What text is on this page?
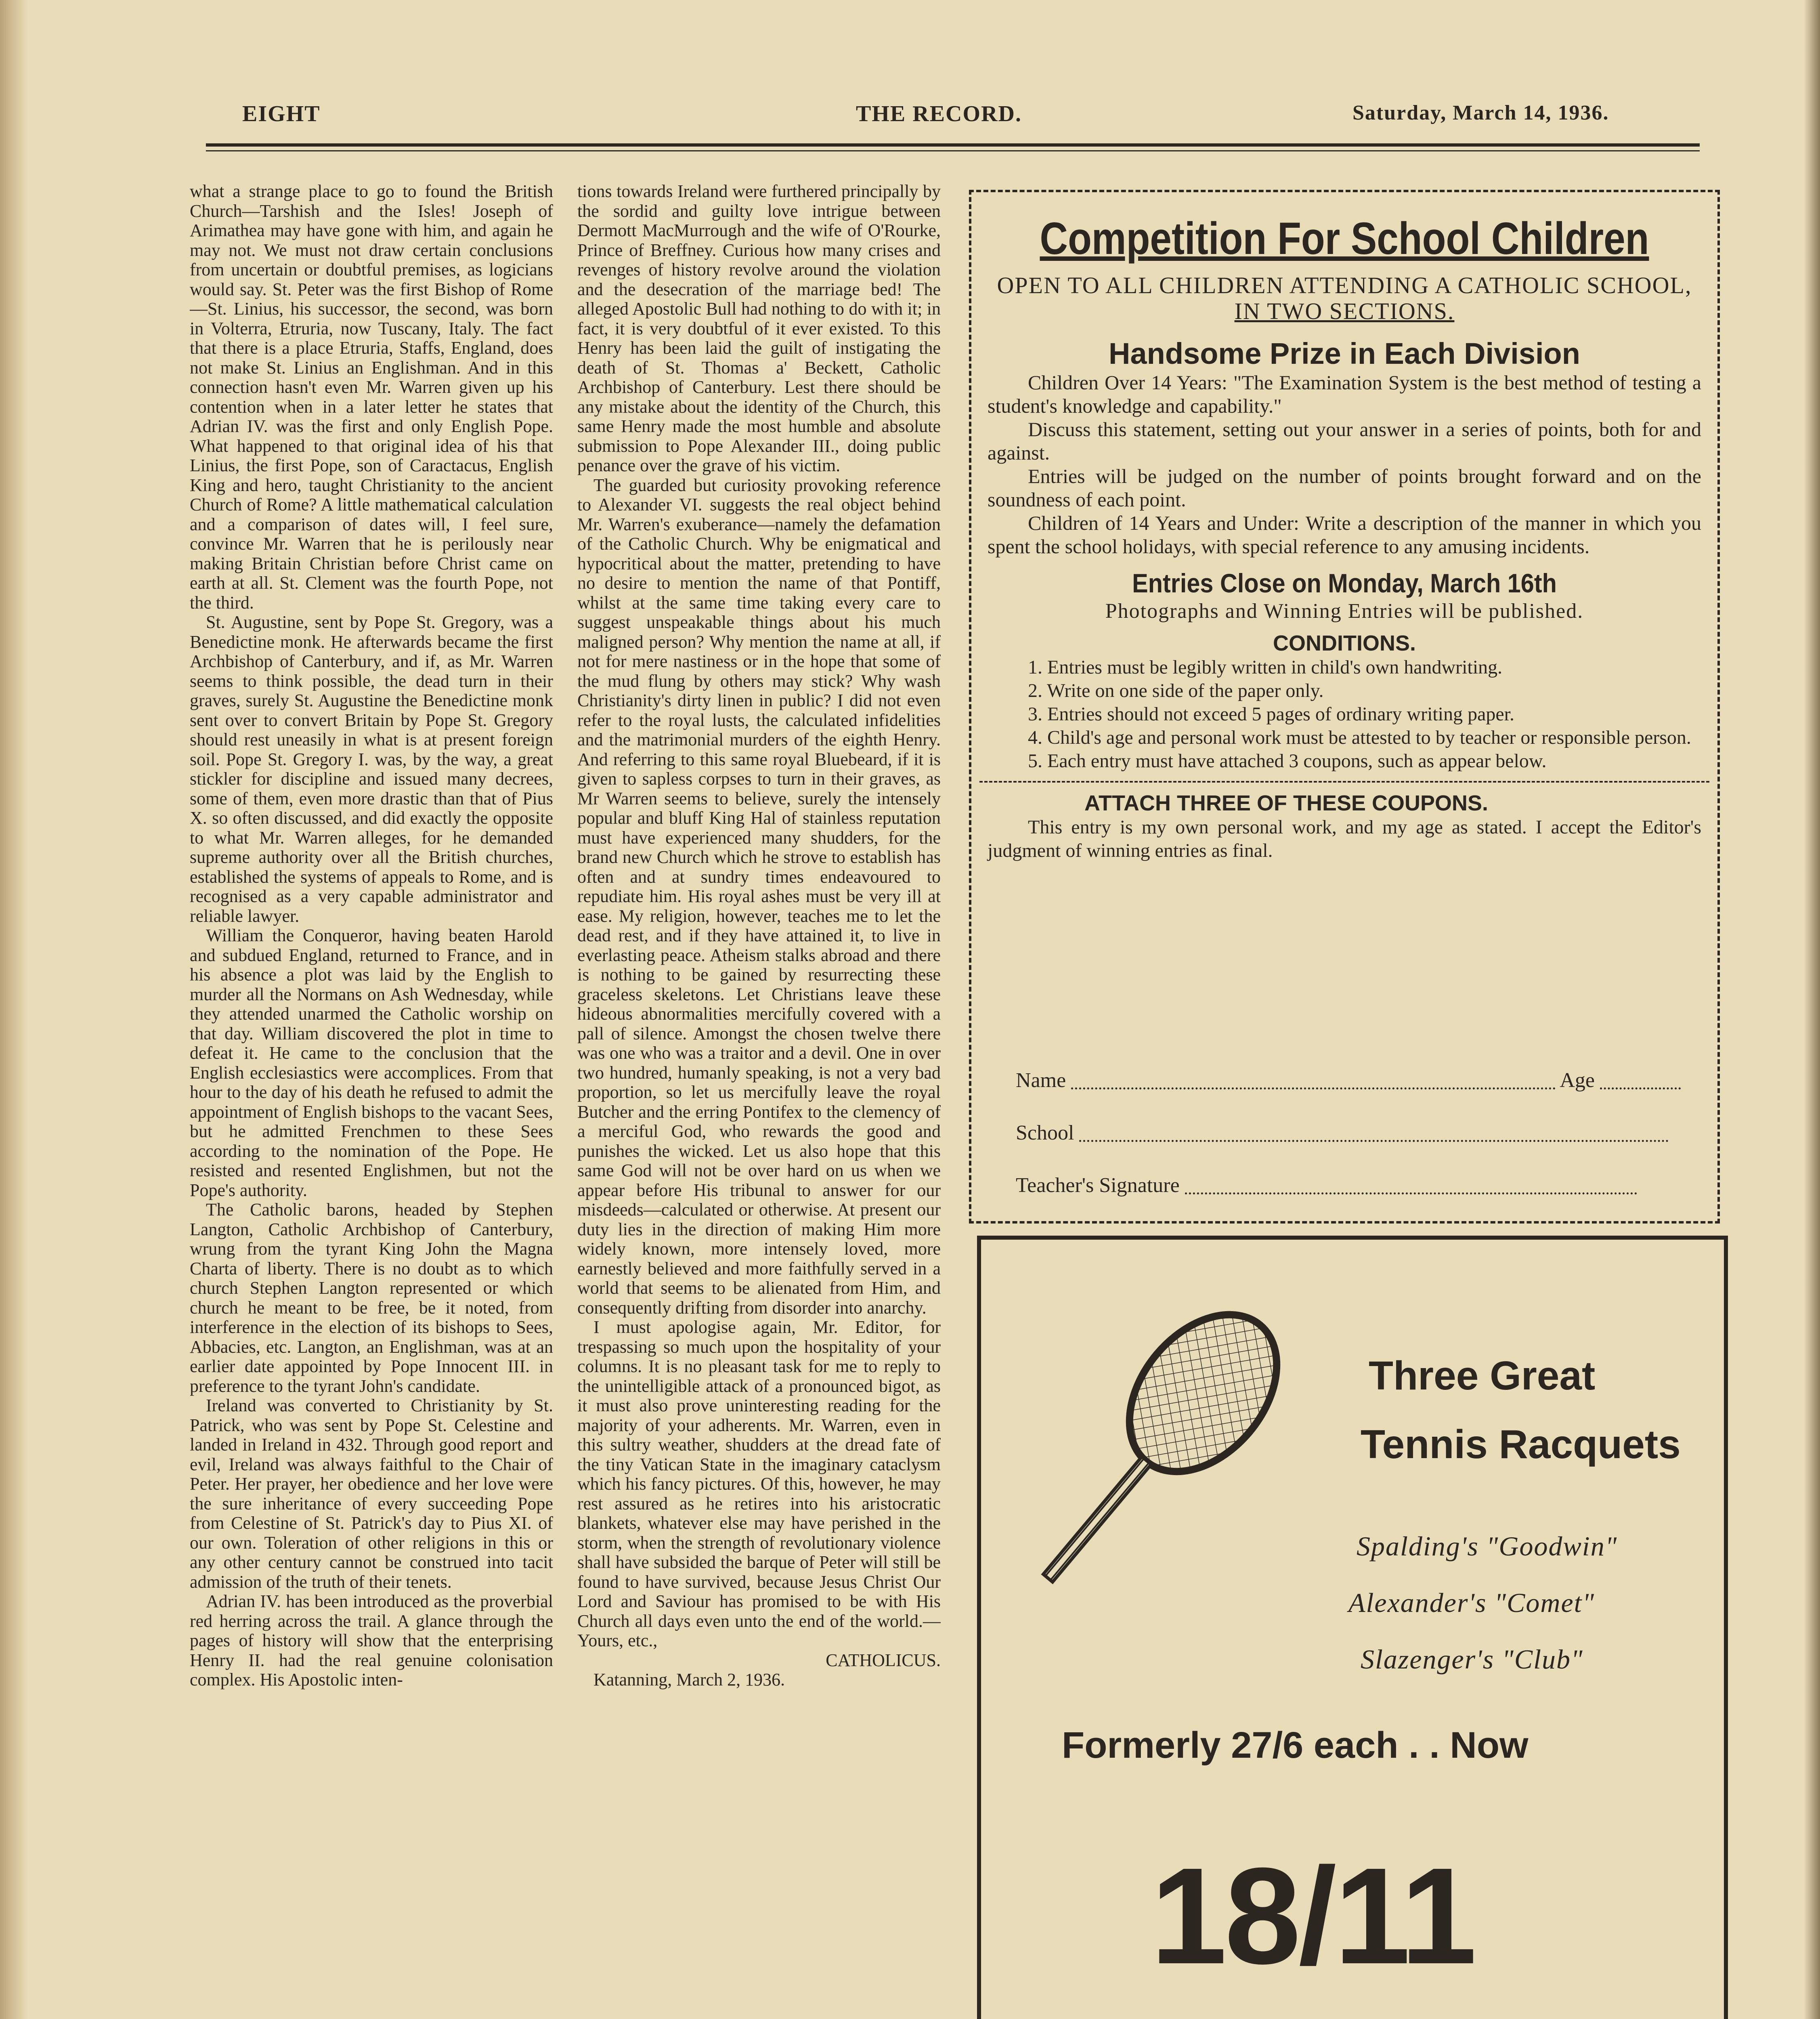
EIGHT	THE RECORD.	Saturday, March 14, 1936.

what a strange place to go to found the British Church—Tarshish and the Isles! Joseph of Arimathea may have gone with him, and again he may not. We must not draw certain conclusions from uncertain or doubtful premises, as logicians would say. St. Peter was the first Bishop of Rome—St. Linius, his successor, the second, was born in Volterra, Etruria, now Tuscany, Italy. The fact that there is a place Etruria, Staffs, England, does not make St. Linius an Englishman. And in this connection hasn't even Mr. Warren given up his contention when in a later letter he states that Adrian IV. was the first and only English Pope. What happened to that original idea of his that Linius, the first Pope, son of Caractacus, English King and hero, taught Christianity to the ancient Church of Rome? A little mathematical calculation and a comparison of dates will, I feel sure, convince Mr. Warren that he is perilously near making Britain Christian before Christ came on earth at all. St. Clement was the fourth Pope, not the third.

St. Augustine, sent by Pope St. Gregory, was a Benedictine monk. He afterwards became the first Archbishop of Canterbury, and if, as Mr. Warren seems to think possible, the dead turn in their graves, surely St. Augustine the Benedictine monk sent over to convert Britain by Pope St. Gregory should rest uneasily in what is at present foreign soil. Pope St. Gregory I. was, by the way, a great stickler for discipline and issued many decrees, some of them, even more drastic than that of Pius X. so often discussed, and did exactly the opposite to what Mr. Warren alleges, for he demanded supreme authority over all the British churches, established the systems of appeals to Rome, and is recognised as a very capable administrator and reliable lawyer.

William the Conqueror, having beaten Harold and subdued England, returned to France, and in his absence a plot was laid by the English to murder all the Normans on Ash Wednesday, while they attended unarmed the Catholic worship on that day. William discovered the plot in time to defeat it. He came to the conclusion that the English ecclesiastics were accomplices. From that hour to the day of his death he refused to admit the appointment of English bishops to the vacant Sees, but he admitted Frenchmen to these Sees according to the nomination of the Pope. He resisted and resented Englishmen, but not the Pope's authority.

The Catholic barons, headed by Stephen Langton, Catholic Archbishop of Canterbury, wrung from the tyrant King John the Magna Charta of liberty. There is no doubt as to which church Stephen Langton represented or which church he meant to be free, be it noted, from interference in the election of its bishops to Sees, Abbacies, etc. Langton, an Englishman, was at an earlier date appointed by Pope Innocent III. in preference to the tyrant John's candidate.

Ireland was converted to Christianity by St. Patrick, who was sent by Pope St. Celestine and landed in Ireland in 432. Through good report and evil, Ireland was always faithful to the Chair of Peter. Her prayer, her obedience and her love were the sure inheritance of every succeeding Pope from Celestine of St. Patrick's day to Pius XI. of our own. Toleration of other religions in this or any other century cannot be construed into tacit admission of the truth of their tenets.

Adrian IV. has been introduced as the proverbial red herring across the trail. A glance through the pages of history will show that the enterprising Henry II. had the real genuine colonisation complex. His Apostolic inten-

tions towards Ireland were furthered principally by the sordid and guilty love intrigue between Dermott MacMurrough and the wife of O'Rourke, Prince of Breffney. Curious how many crises and revenges of history revolve around the violation and the desecration of the marriage bed! The alleged Apostolic Bull had nothing to do with it; in fact, it is very doubtful of it ever existed. To this Henry has been laid the guilt of instigating the death of St. Thomas a' Beckett, Catholic Archbishop of Canterbury. Lest there should be any mistake about the identity of the Church, this same Henry made the most humble and absolute submission to Pope Alexander III., doing public penance over the grave of his victim.

The guarded but curiosity provoking reference to Alexander VI. suggests the real object behind Mr. Warren's exuberance—namely the defamation of the Catholic Church. Why be enigmatical and hypocritical about the matter, pretending to have no desire to mention the name of that Pontiff, whilst at the same time taking every care to suggest unspeakable things about his much maligned person? Why mention the name at all, if not for mere nastiness or in the hope that some of the mud flung by others may stick? Why wash Christianity's dirty linen in public? I did not even refer to the royal lusts, the calculated infidelities and the matrimonial murders of the eighth Henry. And referring to this same royal Bluebeard, if it is given to sapless corpses to turn in their graves, as Mr Warren seems to believe, surely the intensely popular and bluff King Hal of stainless reputation must have experienced many shudders, for the brand new Church which he strove to establish has often and at sundry times endeavoured to repudiate him. His royal ashes must be very ill at ease. My religion, however, teaches me to let the dead rest, and if they have attained it, to live in everlasting peace. Atheism stalks abroad and there is nothing to be gained by resurrecting these graceless skeletons. Let Christians leave these hideous abnormalities mercifully covered with a pall of silence. Amongst the chosen twelve there was one who was a traitor and a devil. One in over two hundred, humanly speaking, is not a very bad proportion, so let us mercifully leave the royal Butcher and the erring Pontifex to the clemency of a merciful God, who rewards the good and punishes the wicked. Let us also hope that this same God will not be over hard on us when we appear before His tribunal to answer for our misdeeds—calculated or otherwise. At present our duty lies in the direction of making Him more widely known, more intensely loved, more earnestly believed and more faithfully served in a world that seems to be alienated from Him, and consequently drifting from disorder into anarchy.

I must apologise again, Mr. Editor, for trespassing so much upon the hospitality of your columns. It is no pleasant task for me to reply to the unintelligible attack of a pronounced bigot, as it must also prove uninteresting reading for the majority of your adherents. Mr. Warren, even in this sultry weather, shudders at the dread fate of the tiny Vatican State in the imaginary cataclysm which his fancy pictures. Of this, however, he may rest assured as he retires into his aristocratic blankets, whatever else may have perished in the storm, when the strength of revolutionary violence shall have subsided the barque of Peter will still be found to have survived, because Jesus Christ Our Lord and Saviour has promised to be with His Church all days even unto the end of the world.—Yours, etc.,

CATHOLICUS.

Katanning, March 2, 1936.

Competition For School Children
OPEN TO ALL CHILDREN ATTENDING A CATHOLIC SCHOOL,
IN TWO SECTIONS.
Handsome Prize in Each Division
Children Over 14 Years: "The Examination System is the best method of testing a student's knowledge and capability."
Discuss this statement, setting out your answer in a series of points, both for and against.
Entries will be judged on the number of points brought forward and on the soundness of each point.
Children of 14 Years and Under: Write a description of the manner in which you spent the school holidays, with special reference to any amusing incidents.
Entries Close on Monday, March 16th
Photographs and Winning Entries will be published.
CONDITIONS.
1. Entries must be legibly written in child's own handwriting.
2. Write on one side of the paper only.
3. Entries should not exceed 5 pages of ordinary writing paper.
4. Child's age and personal work must be attested to by teacher or responsible person.
5. Each entry must have attached 3 coupons, such as appear below.
ATTACH THREE OF THESE COUPONS.
This entry is my own personal work, and my age as stated. I accept the Editor's judgment of winning entries as final.
Name	Age
School
Teacher's Signature
Three Great
Tennis Racquets
Spalding's "Goodwin"
Alexander's "Comet"
Slazenger's "Club"
Formerly 27/6 each . . Now
18/11
